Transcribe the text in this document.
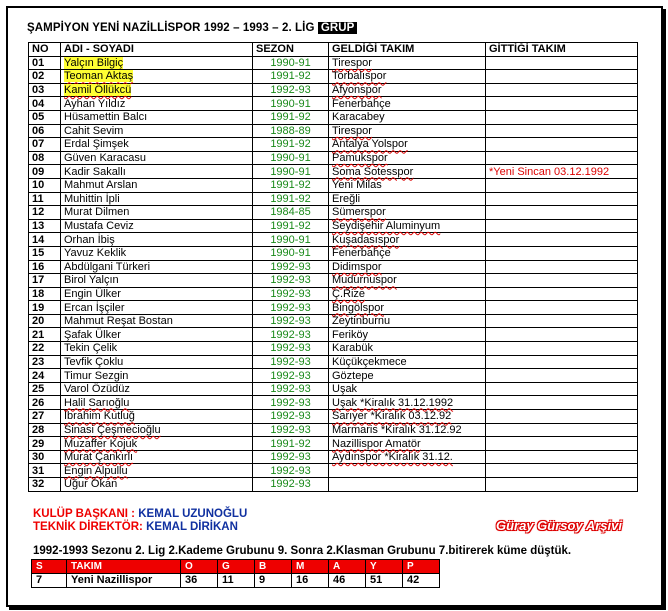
ŞAMPİYON YENİ NAZİLLİSPOR 1992 – 1993 – 2. LİG GRUP
NO	ADI - SOYADI	SEZON	GELDİĞİ TAKIM	GİTTİĞİ TAKIM
01	Yalçın Bilgiç	1990-91	Tirespor	
02	Teoman Aktaş	1991-92	Torbalıspor	
03	Kamil Öllükcü	1992-93	Afyonspor	
04	Ayhan Yıldız	1990-91	Fenerbahçe	
05	Hüsamettin Balcı	1991-92	Karacabey	
06	Cahit Sevim	1988-89	Tirespor	
07	Erdal Şimşek	1991-92	Antalya Yolspor	
08	Güven Karacasu	1990-91	Pamukspor	
09	Kadir Sakallı	1990-91	Soma Sotesspor	*Yeni Sincan 03.12.1992
10	Mahmut Arslan	1991-92	Yeni Milas	
11	Muhittin İpli	1991-92	Ereğli	
12	Murat Dilmen	1984-85	Sümerspor	
13	Mustafa Ceviz	1991-92	Seydişehir Aluminyum	
14	Orhan İbiş	1990-91	Kuşadasıspor	
15	Yavuz Keklik	1990-91	Fenerbahçe	
16	Abdülgani Türkeri	1992-93	Didimspor	
17	Birol Yalçın	1992-93	Mudurnuspor	
18	Engin Ülker	1992-93	Ç.Rize	
19	Ercan İşçiler	1992-93	Bingölspor	
20	Mahmut Reşat Bostan	1992-93	Zeytinburnu	
21	Şafak Ülker	1992-93	Feriköy	
22	Tekin Çelik	1992-93	Karabük	
23	Tevfik Çoklu	1992-93	Küçükçekmece	
24	Timur Sezgin	1992-93	Göztepe	
25	Varol Özüdüz	1992-93	Uşak	
26	Halil Sarıoğlu	1992-93	Uşak *Kiralık 31.12.1992	
27	İbrahim Kutluğ	1992-93	Sarıyer *Kiralık 03.12.92	
28	Sinasi Çeşmecioğlu	1992-93	Marmaris *Kiralık 31.12.92	
29	Muzaffer Kojuk	1991-92	Nazillispor Amatör	
30	Murat Çankırlı	1992-93	Aydınspor *Kiralık 31.12.	
31	Engin Alpullu	1992-93		
32	Uğur Okan	1992-93		
KULÜP BAŞKANI : KEMAL UZUNOĞLU
TEKNİK DİREKTÖR: KEMAL DİRİKAN	Güray Gürsoy Arşivi
1992-1993 Sezonu 2. Lig 2.Kademe Grubunu 9. Sonra 2.Klasman Grubunu 7.bitirerek küme düştük.
S	TAKIM	O	G	B	M	A	Y	P
7	Yeni Nazillispor	36	11	9	16	46	51	42
